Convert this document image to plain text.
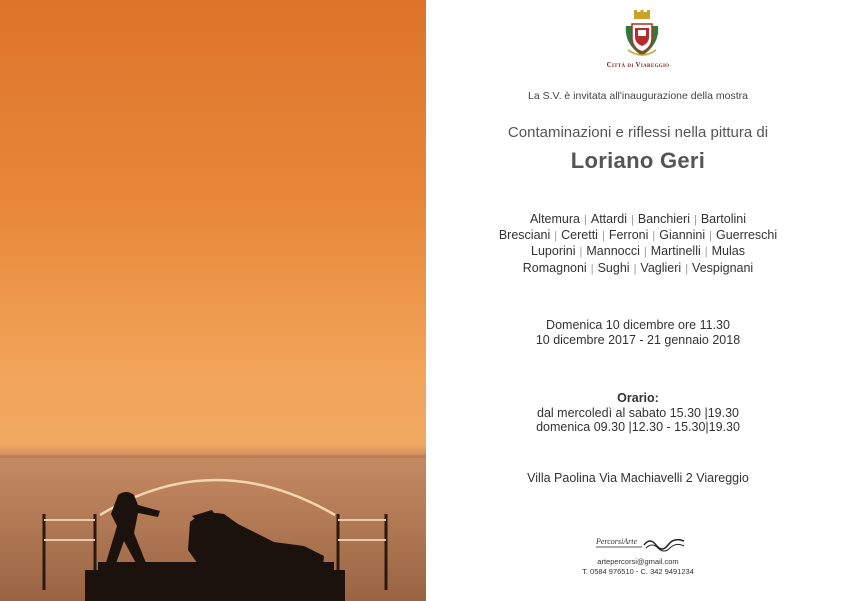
Città di Viareggio
La S.V. è invitata all'inaugurazione della mostra
Contaminazioni e riflessi nella pittura di
Loriano Geri
Altemura | Attardi | Banchieri | Bartolini
Bresciani | Ceretti | Ferroni | Giannini | Guerreschi
Luporini | Mannocci | Martinelli | Mulas
Romagnoni | Sughi | Vaglieri | Vespignani
Domenica 10 dicembre ore 11.30
10 dicembre 2017 - 21 gennaio 2018
Orario:
dal mercoledì al sabato 15.30 |19.30
domenica 09.30 |12.30 - 15.30|19.30
Villa Paolina Via Machiavelli 2 Viareggio
PercorsiArte
artepercorsi@gmail.com
T. 0584 976510 - C. 342 9491234
